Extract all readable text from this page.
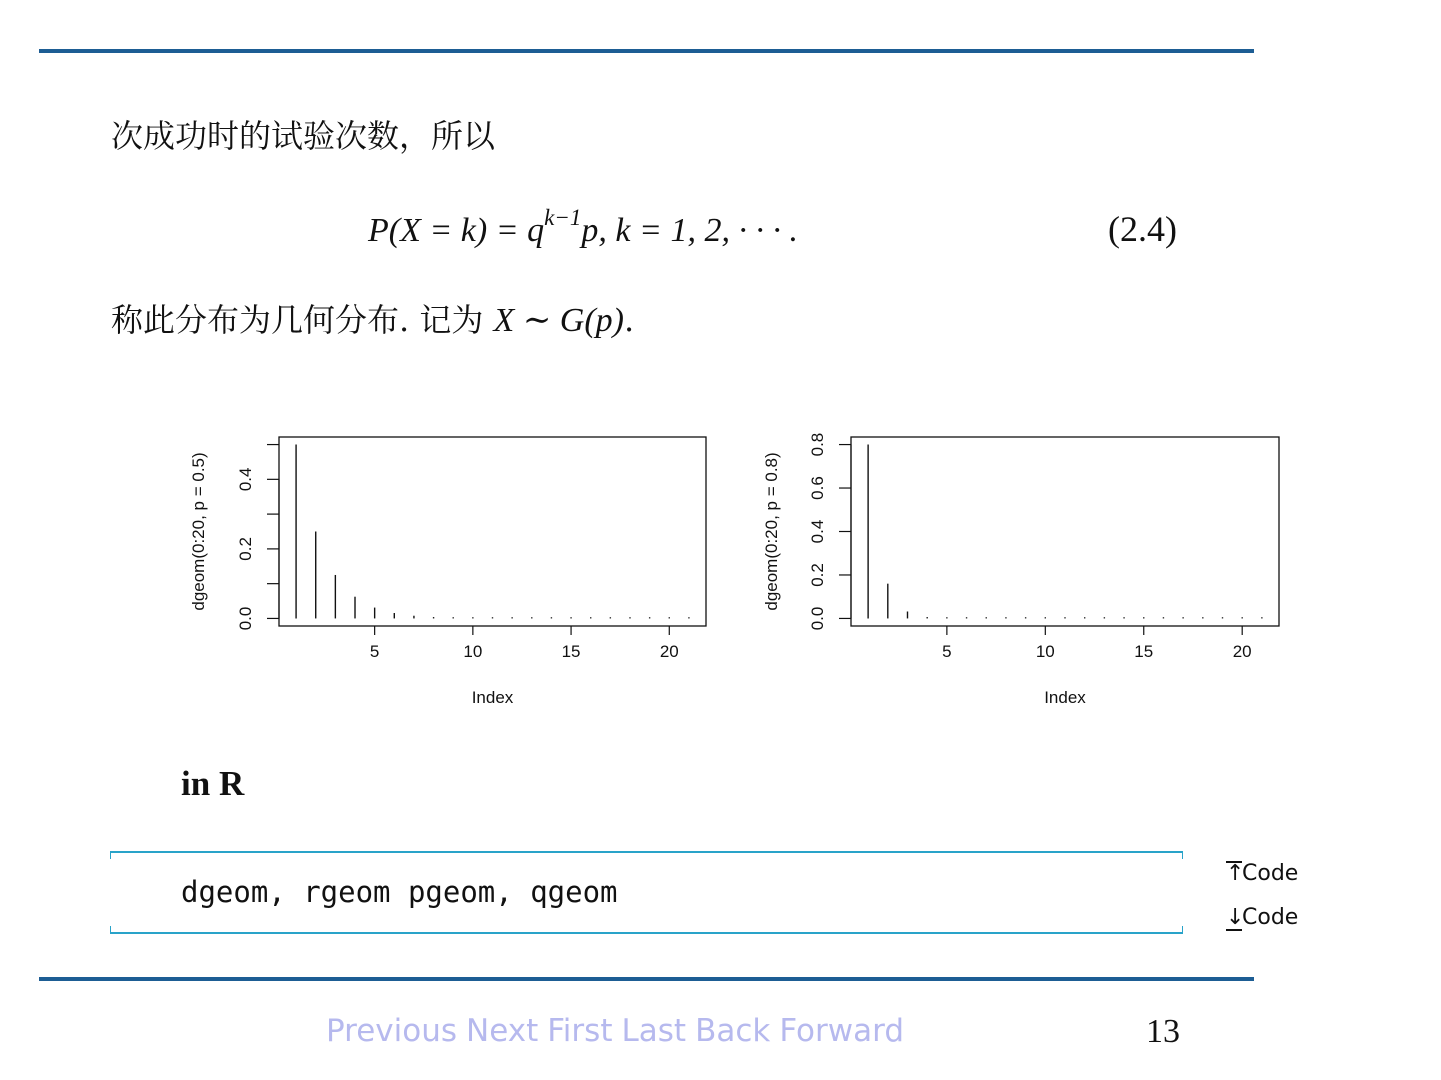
次成功时的试验次数，所以
$P(X = k) = q^{k-1}p$, k = 1, 2, · · · .	(2.4)
称此分布为几何分布. 记为 X ∼ G(p).
5	10	15	20
Index
0.0
0.2
0.4
dgeom(0:20, p = 0.5)
5	10	15	20
Index
0.0
0.2
0.4
0.6
0.8
dgeom(0:20, p = 0.8)
in R
dgeom, rgeom pgeom, qgeom
↑Code
↓Code
Previous Next First Last Back Forward	13
